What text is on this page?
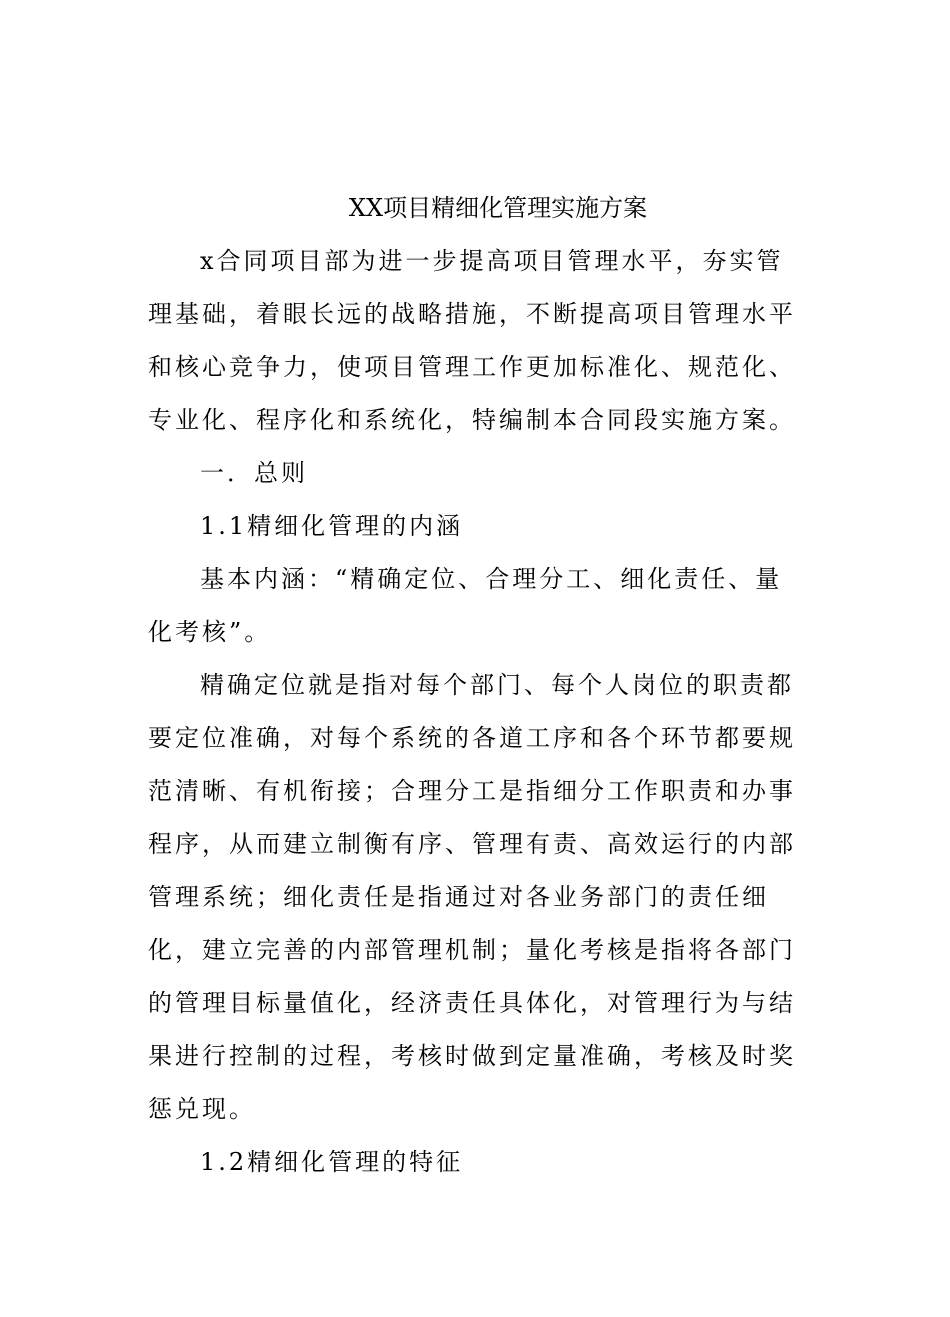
XX项目精细化管理实施方案

x合同项目部为进一步提高项目管理水平，夯实管理基础，着眼长远的战略措施，不断提高项目管理水平和核心竞争力，使项目管理工作更加标准化、规范化、专业化、程序化和系统化，特编制本合同段实施方案。

一．总则
1.1精细化管理的内涵

基本内涵：“精确定位、合理分工、细化责任、量化考核”。

精确定位就是指对每个部门、每个人岗位的职责都要定位准确，对每个系统的各道工序和各个环节都要规范清晰、有机衔接；合理分工是指细分工作职责和办事程序，从而建立制衡有序、管理有责、高效运行的内部管理系统；细化责任是指通过对各业务部门的责任细化，建立完善的内部管理机制；量化考核是指将各部门的管理目标量值化，经济责任具体化，对管理行为与结果进行控制的过程，考核时做到定量准确，考核及时奖惩兑现。

1.2精细化管理的特征
